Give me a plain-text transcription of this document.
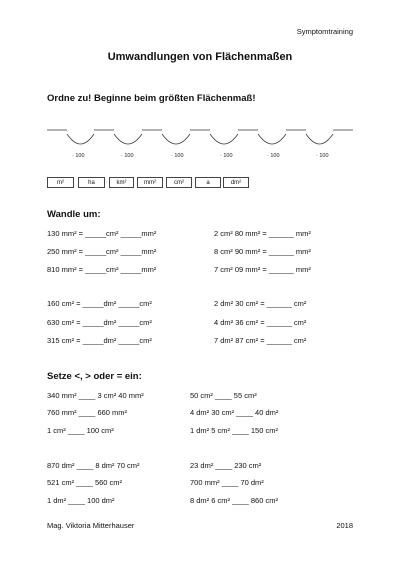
Symptomtraining
Umwandlungen von Flächenmaßen
Ordne zu! Beginne beim größten Flächenmaß!
· 100	· 100	· 100	· 100	· 100	· 100
m²	ha	km²	mm²	cm²	a	dm²
Wandle um:
130 mm² = _____cm² _____mm²
250 mm² = _____cm² _____mm²
810 mm² = _____cm² _____mm²
160 cm² = _____dm² _____cm²
630 cm² = _____dm² _____cm²
315 cm² = _____dm² _____cm²
2 cm² 80 mm² = ______ mm²
8 cm² 90 mm² = ______ mm²
7 cm² 09 mm² = ______ mm²
2 dm² 30 cm² = ______ cm²
4 dm² 36 cm² = ______ cm²
7 dm² 87 cm² = ______ cm²
Setze <, > oder = ein:
340 mm² ____ 3 cm² 40 mm²
760 mm² ____ 660 mm²
1 cm² ____ 100 cm²
870 dm² ____ 8 dm² 70 cm²
521 cm² ____ 560 cm²
1 dm² ____ 100 dm²
50 cm² ____ 55 cm²
4 dm² 30 cm² ____ 40 dm²
1 dm² 5 cm² ____ 150 cm²
23 dm² ____ 230 cm²
700 mm² ____ 70 dm²
8 dm² 6 cm² ____ 860 cm²
Mag. Viktoria Mitterhauser	2018
